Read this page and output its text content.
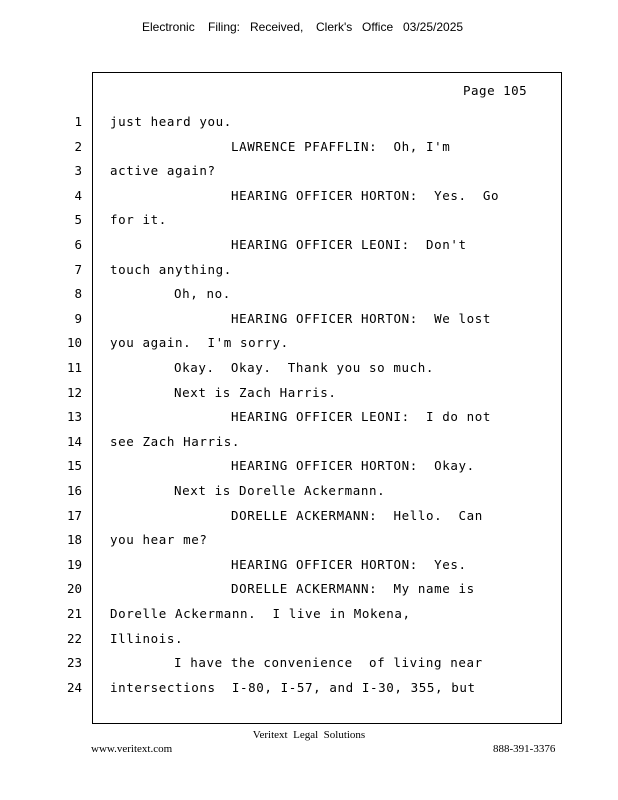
Electronic

Filing:

Received,

Clerk's

Office

03/25/2025

Page 105
1 just heard you.
2	LAWRENCE PFAFFLIN:  Oh, I'm
3 active again?
4	HEARING OFFICER HORTON:  Yes.  Go
5 for it.
6	HEARING OFFICER LEONI:  Don't
7 touch anything.
8	Oh, no.
9	HEARING OFFICER HORTON:  We lost
10 you again.  I'm sorry.
11	Okay.  Okay.  Thank you so much.
12	Next is Zach Harris.
13	HEARING OFFICER LEONI:  I do not
14 see Zach Harris.
15	HEARING OFFICER HORTON:  Okay.
16	Next is Dorelle Ackermann.
17	DORELLE ACKERMANN:  Hello.  Can
18 you hear me?
19	HEARING OFFICER HORTON:  Yes.
20	DORELLE ACKERMANN:  My name is
21 Dorelle Ackermann.  I live in Mokena,
22 Illinois.
23	I have the convenience  of living near
24 intersections  I-80, I-57, and I-30, 355, but
Veritext  Legal  Solutions
www.veritext.com	888-391-3376
